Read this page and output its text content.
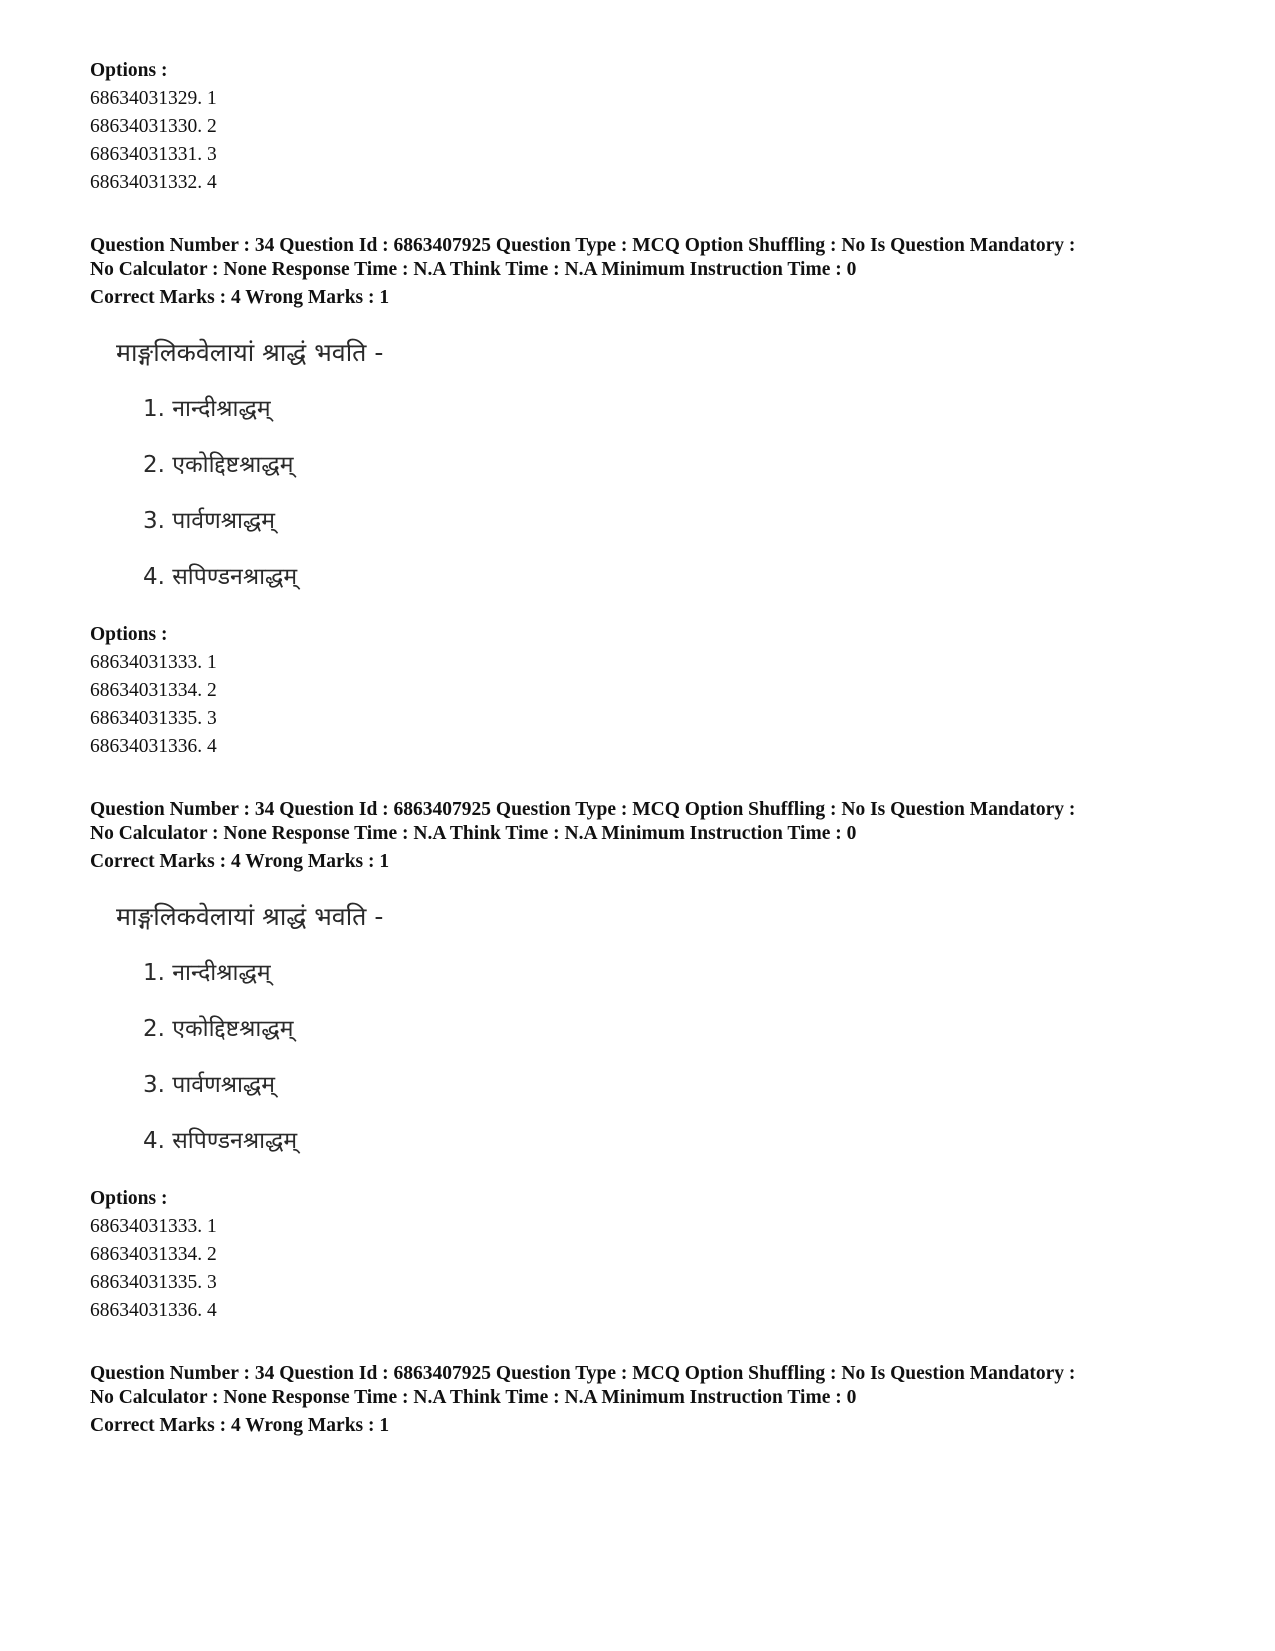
Options :
68634031329. 1
68634031330. 2
68634031331. 3
68634031332. 4
Question Number : 34 Question Id : 6863407925 Question Type : MCQ Option Shuffling : No Is Question Mandatory :
No Calculator : None Response Time : N.A Think Time : N.A Minimum Instruction Time : 0
Correct Marks : 4 Wrong Marks : 1
माङ्गलिकवेलायां श्राद्धं भवति -
1. नान्दीश्राद्धम्
2. एकोद्दिष्टश्राद्धम्
3. पार्वणश्राद्धम्
4. सपिण्डनश्राद्धम्
Options :
68634031333. 1
68634031334. 2
68634031335. 3
68634031336. 4
Question Number : 34 Question Id : 6863407925 Question Type : MCQ Option Shuffling : No Is Question Mandatory :
No Calculator : None Response Time : N.A Think Time : N.A Minimum Instruction Time : 0
Correct Marks : 4 Wrong Marks : 1
माङ्गलिकवेलायां श्राद्धं भवति -
1. नान्दीश्राद्धम्
2. एकोद्दिष्टश्राद्धम्
3. पार्वणश्राद्धम्
4. सपिण्डनश्राद्धम्
Options :
68634031333. 1
68634031334. 2
68634031335. 3
68634031336. 4
Question Number : 34 Question Id : 6863407925 Question Type : MCQ Option Shuffling : No Is Question Mandatory :
No Calculator : None Response Time : N.A Think Time : N.A Minimum Instruction Time : 0
Correct Marks : 4 Wrong Marks : 1
